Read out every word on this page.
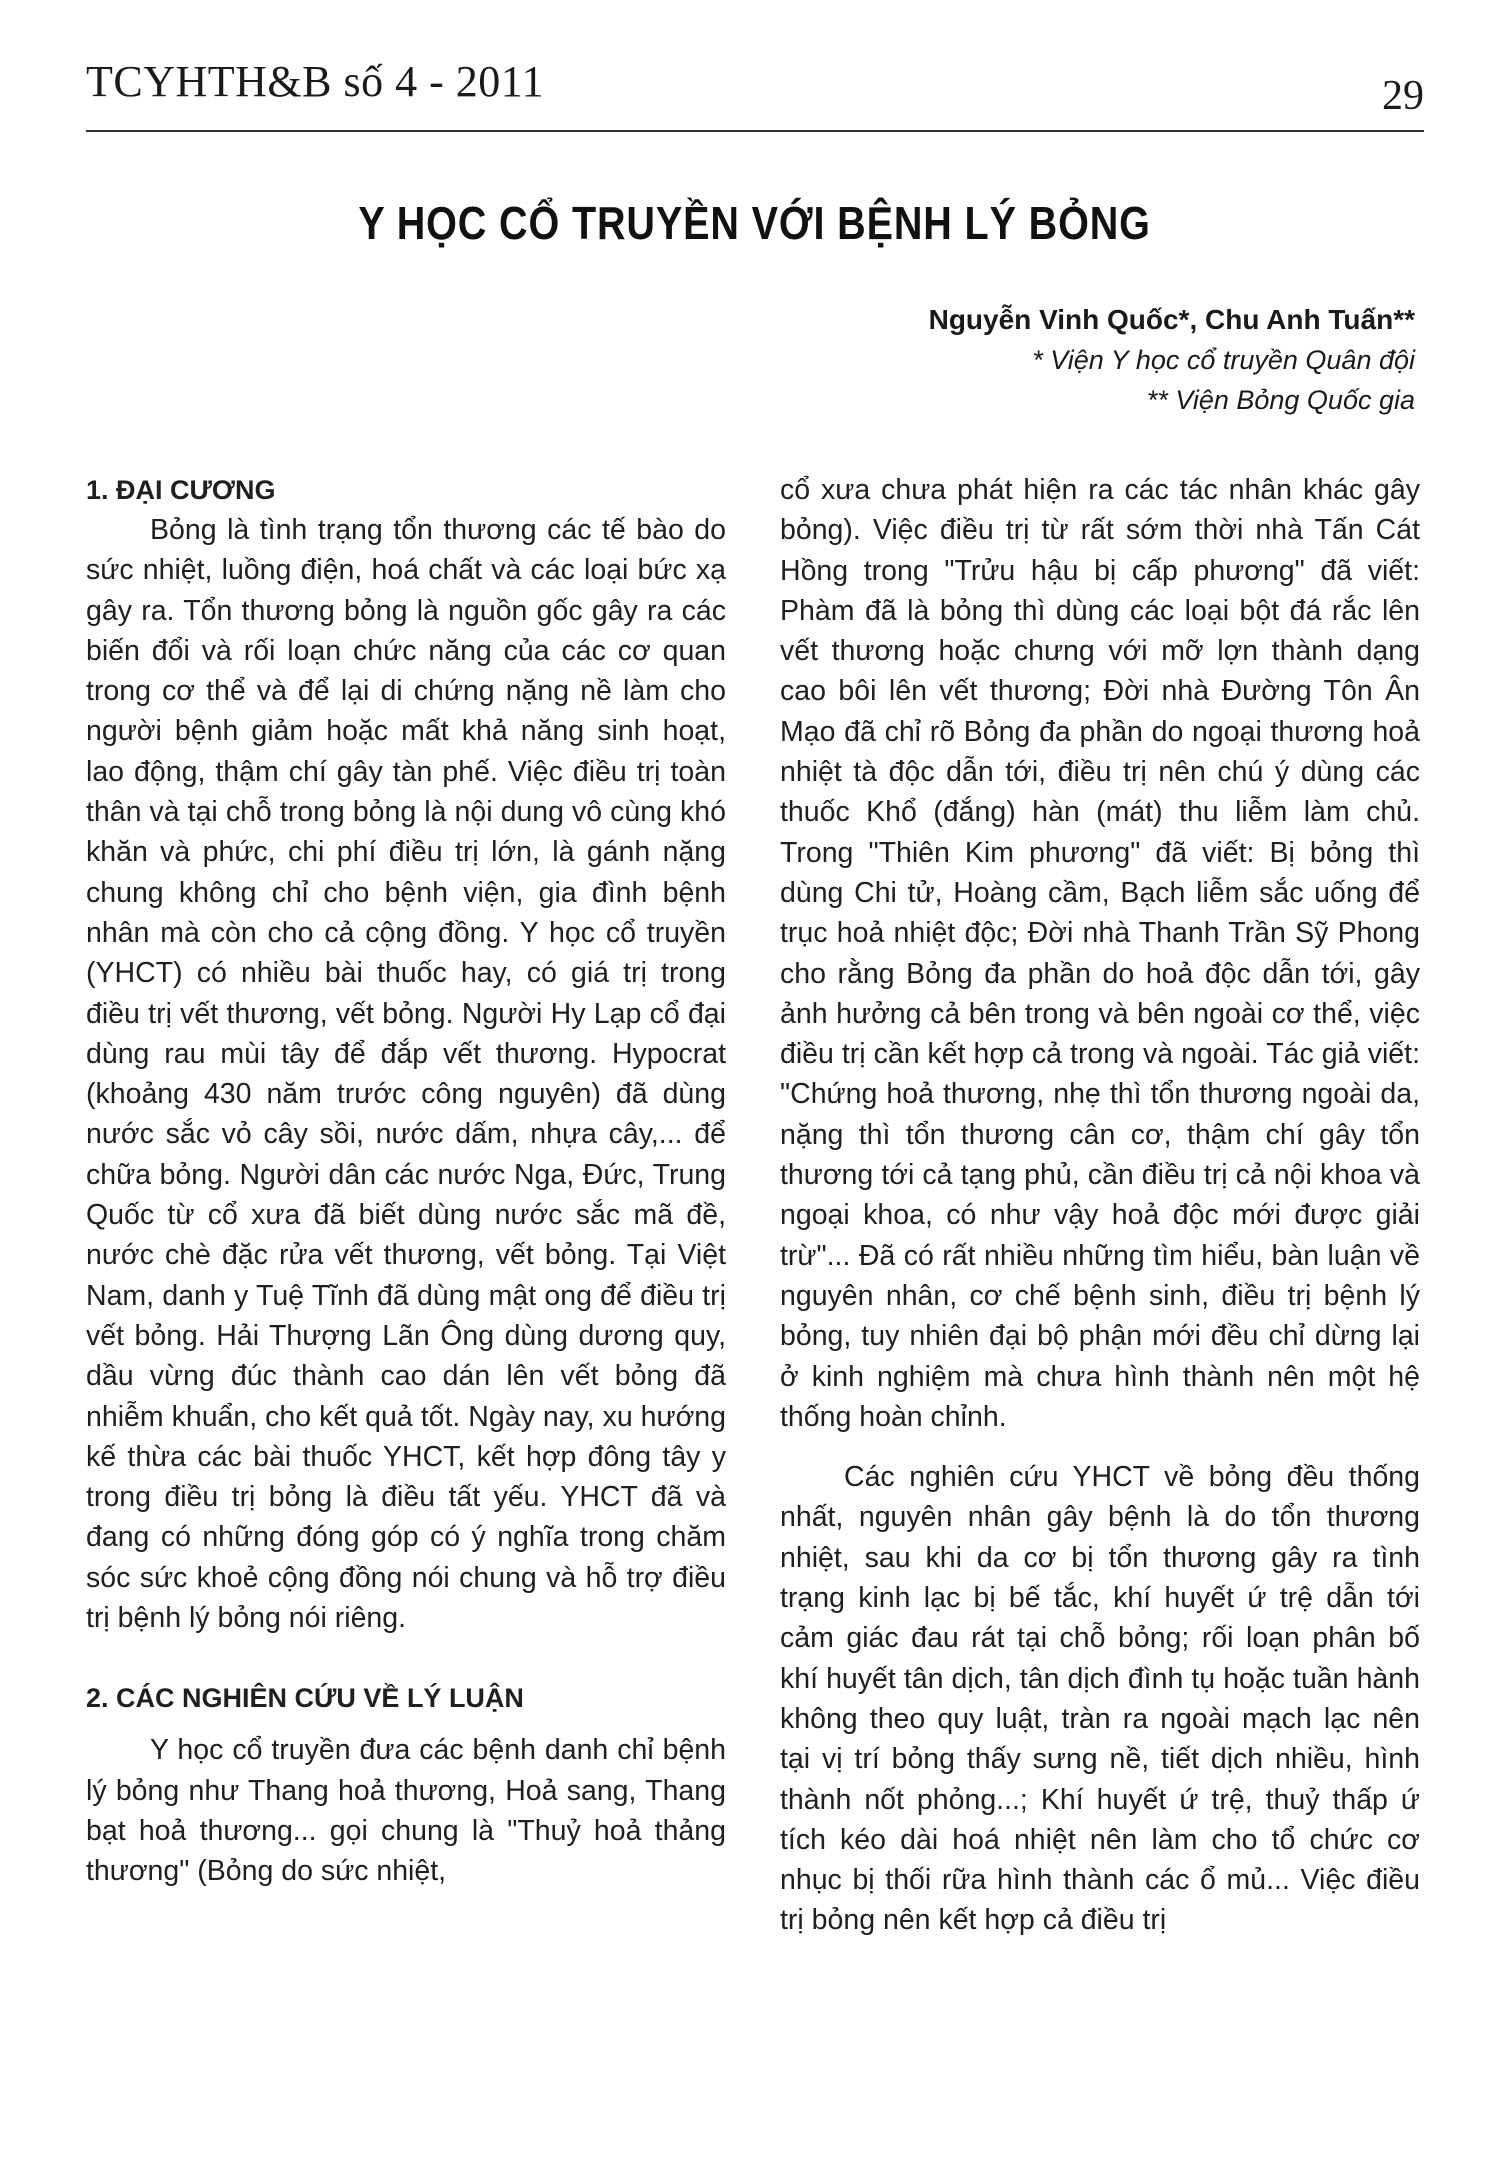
TCYHTH&B số 4 - 2011	29
Y HỌC CỔ TRUYỀN VỚI BỆNH LÝ BỎNG
Nguyễn Vinh Quốc*, Chu Anh Tuấn**
* Viện Y học cổ truyền Quân đội
** Viện Bỏng Quốc gia
1. ĐẠI CƯƠNG

Bỏng là tình trạng tổn thương các tế bào do sức nhiệt, luồng điện, hoá chất và các loại bức xạ gây ra. Tổn thương bỏng là nguồn gốc gây ra các biến đổi và rối loạn chức năng của các cơ quan trong cơ thể và để lại di chứng nặng nề làm cho người bệnh giảm hoặc mất khả năng sinh hoạt, lao động, thậm chí gây tàn phế. Việc điều trị toàn thân và tại chỗ trong bỏng là nội dung vô cùng khó khăn và phức, chi phí điều trị lớn, là gánh nặng chung không chỉ cho bệnh viện, gia đình bệnh nhân mà còn cho cả cộng đồng. Y học cổ truyền (YHCT) có nhiều bài thuốc hay, có giá trị trong điều trị vết thương, vết bỏng. Người Hy Lạp cổ đại dùng rau mùi tây để đắp vết thương. Hypocrat (khoảng 430 năm trước công nguyên) đã dùng nước sắc vỏ cây sồi, nước dấm, nhựa cây,... để chữa bỏng. Người dân các nước Nga, Đức, Trung Quốc từ cổ xưa đã biết dùng nước sắc mã đề, nước chè đặc rửa vết thương, vết bỏng. Tại Việt Nam, danh y Tuệ Tĩnh đã dùng mật ong để điều trị vết bỏng. Hải Thượng Lãn Ông dùng dương quy, dầu vừng đúc thành cao dán lên vết bỏng đã nhiễm khuẩn, cho kết quả tốt. Ngày nay, xu hướng kế thừa các bài thuốc YHCT, kết hợp đông tây y trong điều trị bỏng là điều tất yếu. YHCT đã và đang có những đóng góp có ý nghĩa trong chăm sóc sức khoẻ cộng đồng nói chung và hỗ trợ điều trị bệnh lý bỏng nói riêng.

2. CÁC NGHIÊN CỨU VỀ LÝ LUẬN

Y học cổ truyền đưa các bệnh danh chỉ bệnh lý bỏng như Thang hoả thương, Hoả sang, Thang bạt hoả thương... gọi chung là "Thuỷ hoả thảng thương" (Bỏng do sức nhiệt,

cổ xưa chưa phát hiện ra các tác nhân khác gây bỏng). Việc điều trị từ rất sớm thời nhà Tấn Cát Hồng trong "Trửu hậu bị cấp phương" đã viết: Phàm đã là bỏng thì dùng các loại bột đá rắc lên vết thương hoặc chưng với mỡ lợn thành dạng cao bôi lên vết thương; Đời nhà Đường Tôn Ân Mạo đã chỉ rõ Bỏng đa phần do ngoại thương hoả nhiệt tà độc dẫn tới, điều trị nên chú ý dùng các thuốc Khổ (đắng) hàn (mát) thu liễm làm chủ. Trong "Thiên Kim phương" đã viết: Bị bỏng thì dùng Chi tử, Hoàng cầm, Bạch liễm sắc uống để trục hoả nhiệt độc; Đời nhà Thanh Trần Sỹ Phong cho rằng Bỏng đa phần do hoả độc dẫn tới, gây ảnh hưởng cả bên trong và bên ngoài cơ thể, việc điều trị cần kết hợp cả trong và ngoài. Tác giả viết: "Chứng hoả thương, nhẹ thì tổn thương ngoài da, nặng thì tổn thương cân cơ, thậm chí gây tổn thương tới cả tạng phủ, cần điều trị cả nội khoa và ngoại khoa, có như vậy hoả độc mới được giải trừ"... Đã có rất nhiều những tìm hiểu, bàn luận về nguyên nhân, cơ chế bệnh sinh, điều trị bệnh lý bỏng, tuy nhiên đại bộ phận mới đều chỉ dừng lại ở kinh nghiệm mà chưa hình thành nên một hệ thống hoàn chỉnh.

Các nghiên cứu YHCT về bỏng đều thống nhất, nguyên nhân gây bệnh là do tổn thương nhiệt, sau khi da cơ bị tổn thương gây ra tình trạng kinh lạc bị bế tắc, khí huyết ứ trệ dẫn tới cảm giác đau rát tại chỗ bỏng; rối loạn phân bố khí huyết tân dịch, tân dịch đình tụ hoặc tuần hành không theo quy luật, tràn ra ngoài mạch lạc nên tại vị trí bỏng thấy sưng nề, tiết dịch nhiều, hình thành nốt phỏng...; Khí huyết ứ trệ, thuỷ thấp ứ tích kéo dài hoá nhiệt nên làm cho tổ chức cơ nhục bị thối rữa hình thành các ổ mủ... Việc điều trị bỏng nên kết hợp cả điều trị
